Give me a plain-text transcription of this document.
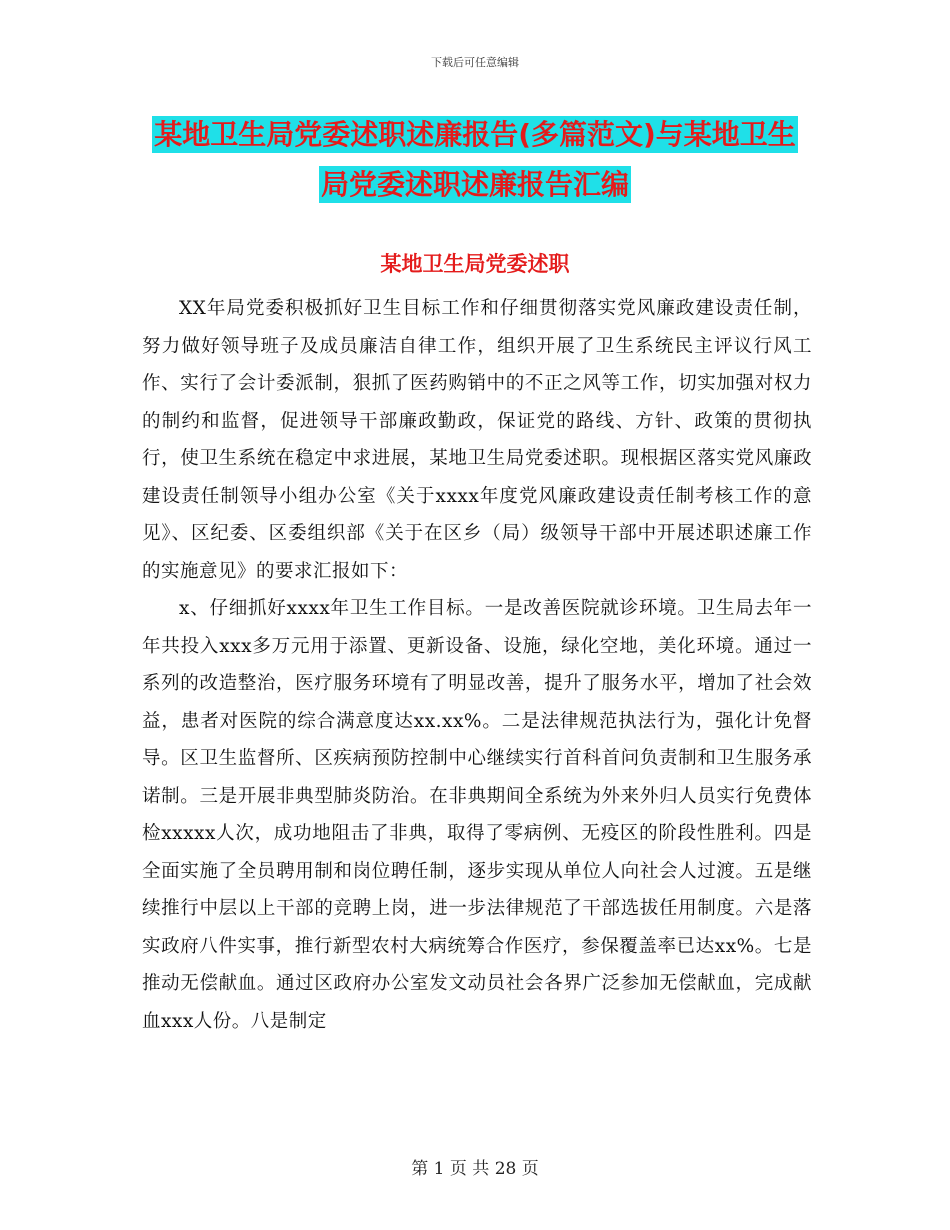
下载后可任意编辑
某地卫生局党委述职述廉报告(多篇范文)与某地卫生
局党委述职述廉报告汇编
某地卫生局党委述职

XX年局党委积极抓好卫生目标工作和仔细贯彻落实党风廉政建设责任制，努力做好领导班子及成员廉洁自律工作，组织开展了卫生系统民主评议行风工作、实行了会计委派制，狠抓了医药购销中的不正之风等工作，切实加强对权力的制约和监督，促进领导干部廉政勤政，保证党的路线、方针、政策的贯彻执行，使卫生系统在稳定中求进展，某地卫生局党委述职。现根据区落实党风廉政建设责任制领导小组办公室《关于xxxx年度党风廉政建设责任制考核工作的意见》、区纪委、区委组织部《关于在区乡（局）级领导干部中开展述职述廉工作的实施意见》的要求汇报如下：

x、仔细抓好xxxx年卫生工作目标。一是改善医院就诊环境。卫生局去年一年共投入xxx多万元用于添置、更新设备、设施，绿化空地，美化环境。通过一系列的改造整治，医疗服务环境有了明显改善，提升了服务水平，增加了社会效益，患者对医院的综合满意度达xx.xx%。二是法律规范执法行为，强化计免督导。区卫生监督所、区疾病预防控制中心继续实行首科首问负责制和卫生服务承诺制。三是开展非典型肺炎防治。在非典期间全系统为外来外归人员实行免费体检xxxxx人次，成功地阻击了非典，取得了零病例、无疫区的阶段性胜利。四是全面实施了全员聘用制和岗位聘任制，逐步实现从单位人向社会人过渡。五是继续推行中层以上干部的竞聘上岗，进一步法律规范了干部选拔任用制度。六是落实政府八件实事，推行新型农村大病统筹合作医疗，参保覆盖率已达xx%。七是推动无偿献血。通过区政府办公室发文动员社会各界广泛参加无偿献血，完成献血xxx人份。八是制定

第 1 页 共 28 页
